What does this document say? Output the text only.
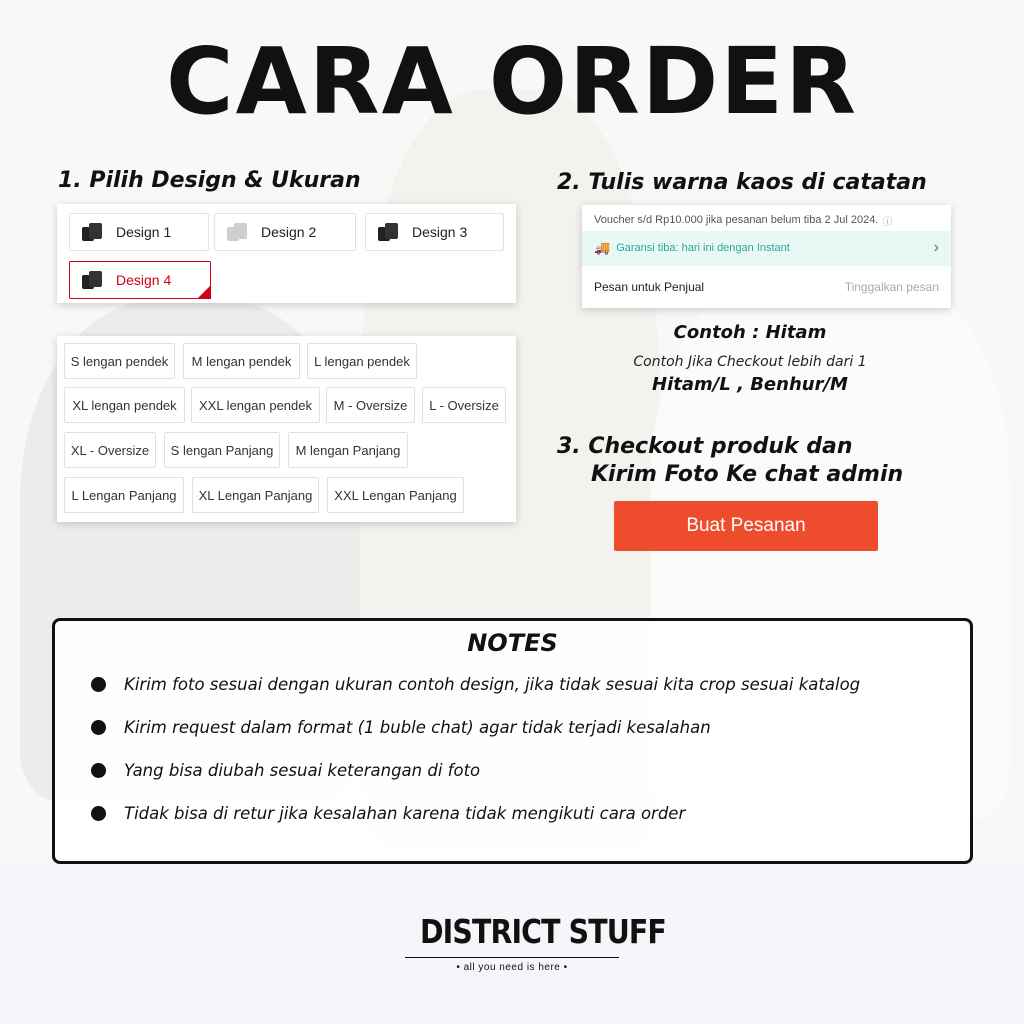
CARA ORDER
1. Pilih Design & Ukuran
Design 1	Design 2	Design 3
Design 4
S lengan pendek	M lengan pendek	L lengan pendek
XL lengan pendek	XXL lengan pendek	M - Oversize	L - Oversize
XL - Oversize	S lengan Panjang	M lengan Panjang
L Lengan Panjang	XL Lengan Panjang	XXL Lengan Panjang
2. Tulis warna kaos di catatan
Voucher s/d Rp10.000 jika pesanan belum tiba 2 Jul 2024. ⓘ
🚚 Garansi tiba: hari ini dengan Instant	›
Pesan untuk Penjual	Tinggalkan pesan
Contoh : Hitam
Contoh Jika Checkout lebih dari 1
Hitam/L , Benhur/M
3. Checkout produk dan
Kirim Foto Ke chat admin
Buat Pesanan
NOTES
Kirim foto sesuai dengan ukuran contoh design, jika tidak sesuai kita crop sesuai katalog
Kirim request dalam format (1 buble chat) agar tidak terjadi kesalahan
Yang bisa diubah sesuai keterangan di foto
Tidak bisa di retur jika kesalahan karena tidak mengikuti cara order
DISTRICT STUFF
• all you need is here •
